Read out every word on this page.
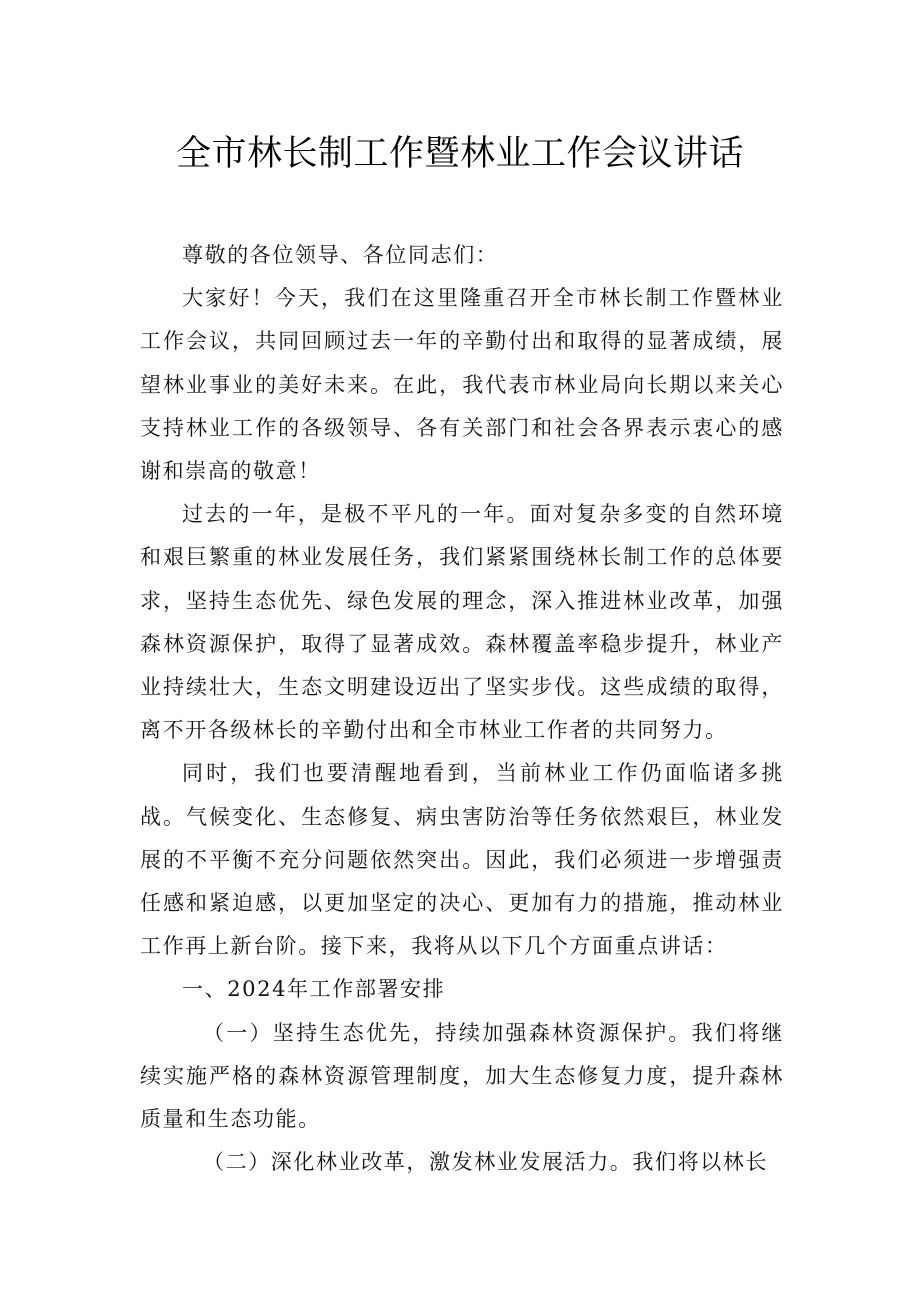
全市林长制工作暨林业工作会议讲话

尊敬的各位领导、各位同志们：

大家好！今天，我们在这里隆重召开全市林长制工作暨林业工作会议，共同回顾过去一年的辛勤付出和取得的显著成绩，展望林业事业的美好未来。在此，我代表市林业局向长期以来关心支持林业工作的各级领导、各有关部门和社会各界表示衷心的感谢和崇高的敬意！

过去的一年，是极不平凡的一年。面对复杂多变的自然环境和艰巨繁重的林业发展任务，我们紧紧围绕林长制工作的总体要求，坚持生态优先、绿色发展的理念，深入推进林业改革，加强森林资源保护，取得了显著成效。森林覆盖率稳步提升，林业产业持续壮大，生态文明建设迈出了坚实步伐。这些成绩的取得，离不开各级林长的辛勤付出和全市林业工作者的共同努力。

同时，我们也要清醒地看到，当前林业工作仍面临诸多挑战。气候变化、生态修复、病虫害防治等任务依然艰巨，林业发展的不平衡不充分问题依然突出。因此，我们必须进一步增强责任感和紧迫感，以更加坚定的决心、更加有力的措施，推动林业工作再上新台阶。接下来，我将从以下几个方面重点讲话：

一、2024年工作部署安排

（一）坚持生态优先，持续加强森林资源保护。我们将继续实施严格的森林资源管理制度，加大生态修复力度，提升森林质量和生态功能。

（二）深化林业改革，激发林业发展活力。我们将以林长
